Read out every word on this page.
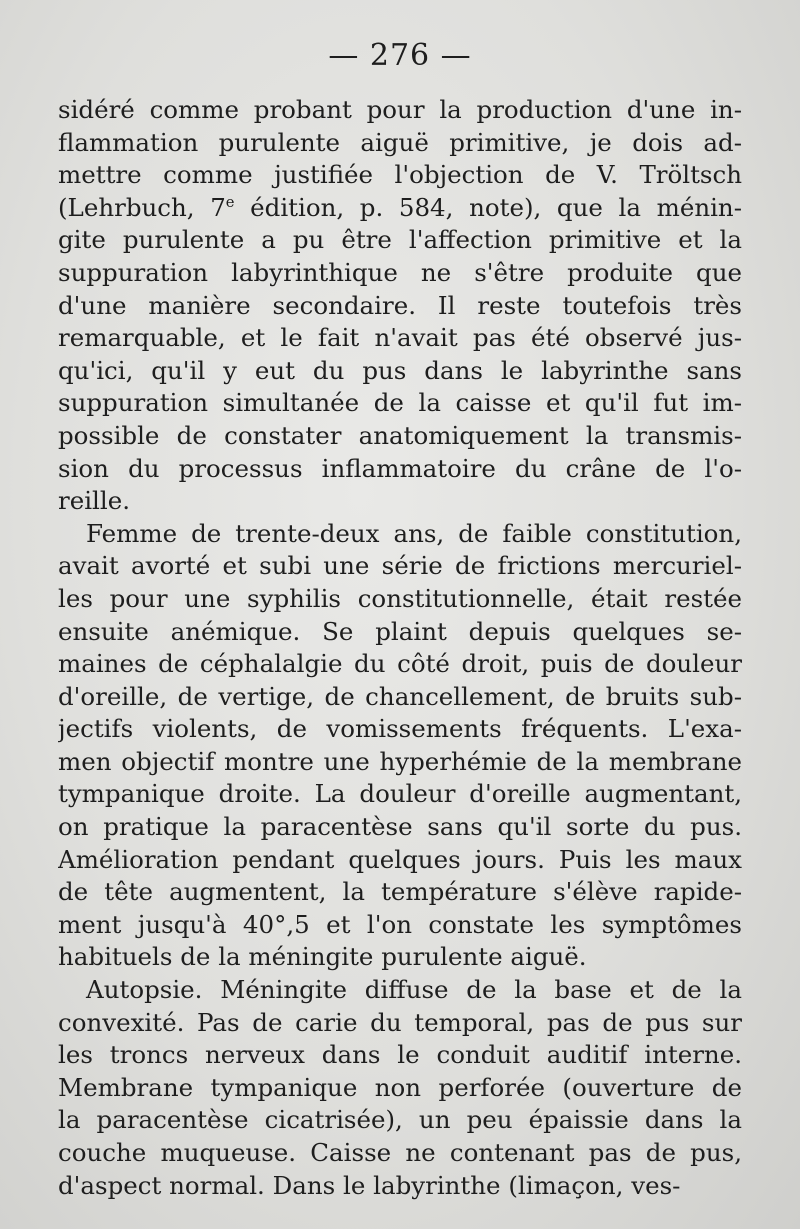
— 276 —
sidéré comme probant pour la production d'une in-
flammation purulente aiguë primitive, je dois ad-
mettre comme justifiée l'objection de V. Tröltsch
(Lehrbuch, 7e édition, p. 584, note), que la ménin-
gite purulente a pu être l'affection primitive et la
suppuration labyrinthique ne s'être produite que
d'une manière secondaire. Il reste toutefois très
remarquable, et le fait n'avait pas été observé jus-
qu'ici, qu'il y eut du pus dans le labyrinthe sans
suppuration simultanée de la caisse et qu'il fut im-
possible de constater anatomiquement la transmis-
sion du processus inflammatoire du crâne de l'o-
reille.
Femme de trente-deux ans, de faible constitution,
avait avorté et subi une série de frictions mercuriel-
les pour une syphilis constitutionnelle, était restée
ensuite anémique. Se plaint depuis quelques se-
maines de céphalalgie du côté droit, puis de douleur
d'oreille, de vertige, de chancellement, de bruits sub-
jectifs violents, de vomissements fréquents. L'exa-
men objectif montre une hyperhémie de la membrane
tympanique droite. La douleur d'oreille augmentant,
on pratique la paracentèse sans qu'il sorte du pus.
Amélioration pendant quelques jours. Puis les maux
de tête augmentent, la température s'élève rapide-
ment jusqu'à 40°,5 et l'on constate les symptômes
habituels de la méningite purulente aiguë.
Autopsie. Méningite diffuse de la base et de la
convexité. Pas de carie du temporal, pas de pus sur
les troncs nerveux dans le conduit auditif interne.
Membrane tympanique non perforée (ouverture de
la paracentèse cicatrisée), un peu épaissie dans la
couche muqueuse. Caisse ne contenant pas de pus,
d'aspect normal. Dans le labyrinthe (limaçon, ves-
